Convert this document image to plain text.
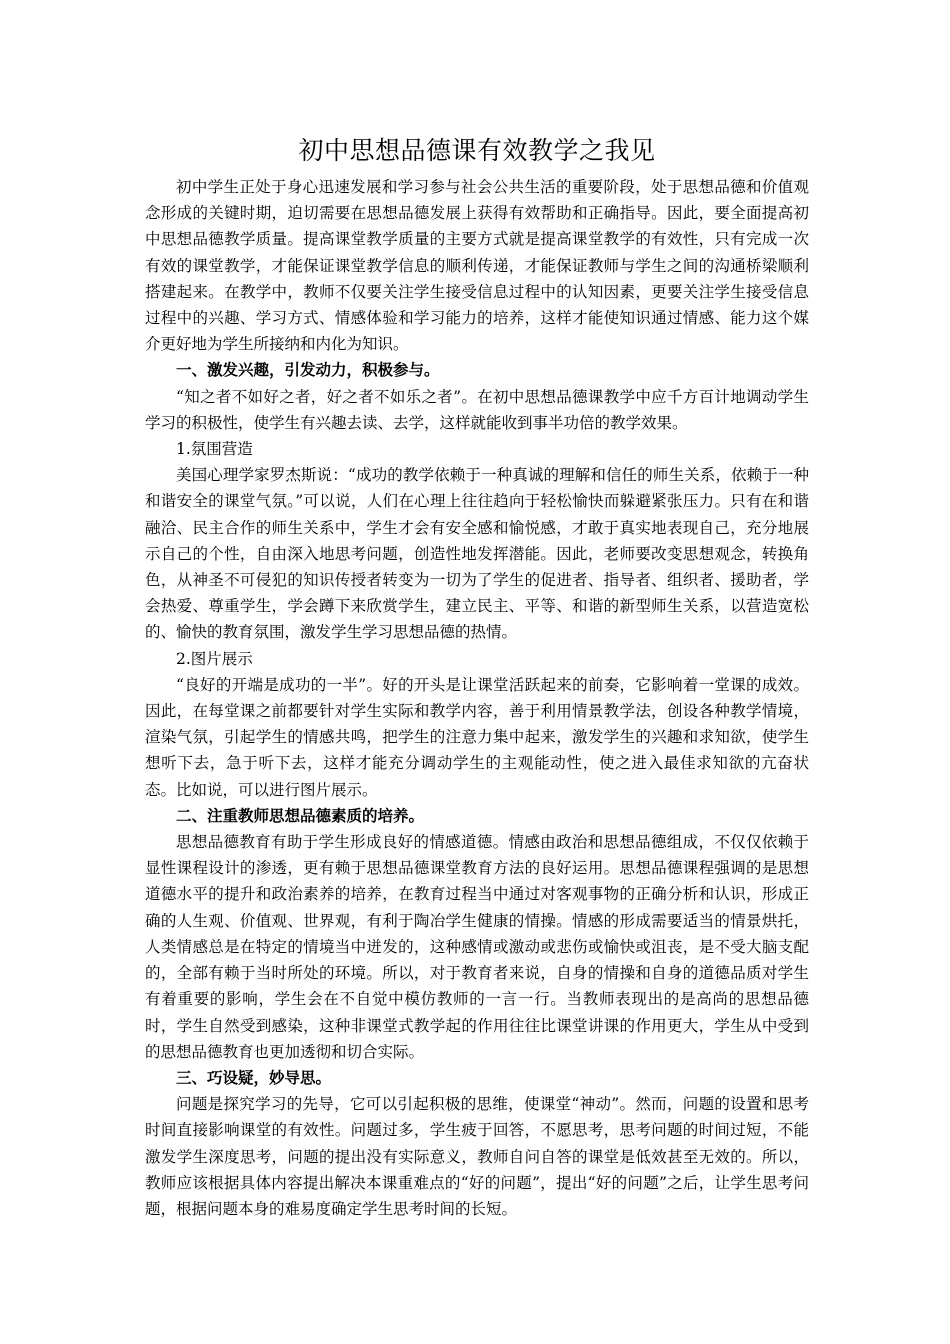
初中思想品德课有效教学之我见

初中学生正处于身心迅速发展和学习参与社会公共生活的重要阶段，处于思想品德和价值观念形成的关键时期，迫切需要在思想品德发展上获得有效帮助和正确指导。因此，要全面提高初中思想品德教学质量。提高课堂教学质量的主要方式就是提高课堂教学的有效性，只有完成一次有效的课堂教学，才能保证课堂教学信息的顺利传递，才能保证教师与学生之间的沟通桥梁顺利搭建起来。在教学中，教师不仅要关注学生接受信息过程中的认知因素，更要关注学生接受信息过程中的兴趣、学习方式、情感体验和学习能力的培养，这样才能使知识通过情感、能力这个媒介更好地为学生所接纳和内化为知识。

一、激发兴趣，引发动力，积极参与。

“知之者不如好之者，好之者不如乐之者”。在初中思想品德课教学中应千方百计地调动学生学习的积极性，使学生有兴趣去读、去学，这样就能收到事半功倍的教学效果。

1.氛围营造

美国心理学家罗杰斯说：“成功的教学依赖于一种真诚的理解和信任的师生关系，依赖于一种和谐安全的课堂气氛。”可以说，人们在心理上往往趋向于轻松愉快而躲避紧张压力。只有在和谐融洽、民主合作的师生关系中，学生才会有安全感和愉悦感，才敢于真实地表现自己，充分地展示自己的个性，自由深入地思考问题，创造性地发挥潜能。因此，老师要改变思想观念，转换角色，从神圣不可侵犯的知识传授者转变为一切为了学生的促进者、指导者、组织者、援助者，学会热爱、尊重学生，学会蹲下来欣赏学生，建立民主、平等、和谐的新型师生关系，以营造宽松的、愉快的教育氛围，激发学生学习思想品德的热情。

2.图片展示

“良好的开端是成功的一半”。好的开头是让课堂活跃起来的前奏，它影响着一堂课的成效。因此，在每堂课之前都要针对学生实际和教学内容，善于利用情景教学法，创设各种教学情境，渲染气氛，引起学生的情感共鸣，把学生的注意力集中起来，激发学生的兴趣和求知欲，使学生想听下去，急于听下去，这样才能充分调动学生的主观能动性，使之进入最佳求知欲的亢奋状态。比如说，可以进行图片展示。

二、注重教师思想品德素质的培养。

思想品德教育有助于学生形成良好的情感道德。情感由政治和思想品德组成，不仅仅依赖于显性课程设计的渗透，更有赖于思想品德课堂教育方法的良好运用。思想品德课程强调的是思想道德水平的提升和政治素养的培养，在教育过程当中通过对客观事物的正确分析和认识，形成正确的人生观、价值观、世界观，有利于陶冶学生健康的情操。情感的形成需要适当的情景烘托，人类情感总是在特定的情境当中迸发的，这种感情或激动或悲伤或愉快或沮丧，是不受大脑支配的，全部有赖于当时所处的环境。所以，对于教育者来说，自身的情操和自身的道德品质对学生有着重要的影响，学生会在不自觉中模仿教师的一言一行。当教师表现出的是高尚的思想品德时，学生自然受到感染，这种非课堂式教学起的作用往往比课堂讲课的作用更大，学生从中受到的思想品德教育也更加透彻和切合实际。

三、巧设疑，妙导思。

问题是探究学习的先导，它可以引起积极的思维，使课堂“神动”。然而，问题的设置和思考时间直接影响课堂的有效性。问题过多，学生疲于回答，不愿思考，思考问题的时间过短，不能激发学生深度思考，问题的提出没有实际意义，教师自问自答的课堂是低效甚至无效的。所以，教师应该根据具体内容提出解决本课重难点的“好的问题”，提出“好的问题”之后，让学生思考问题，根据问题本身的难易度确定学生思考时间的长短。
